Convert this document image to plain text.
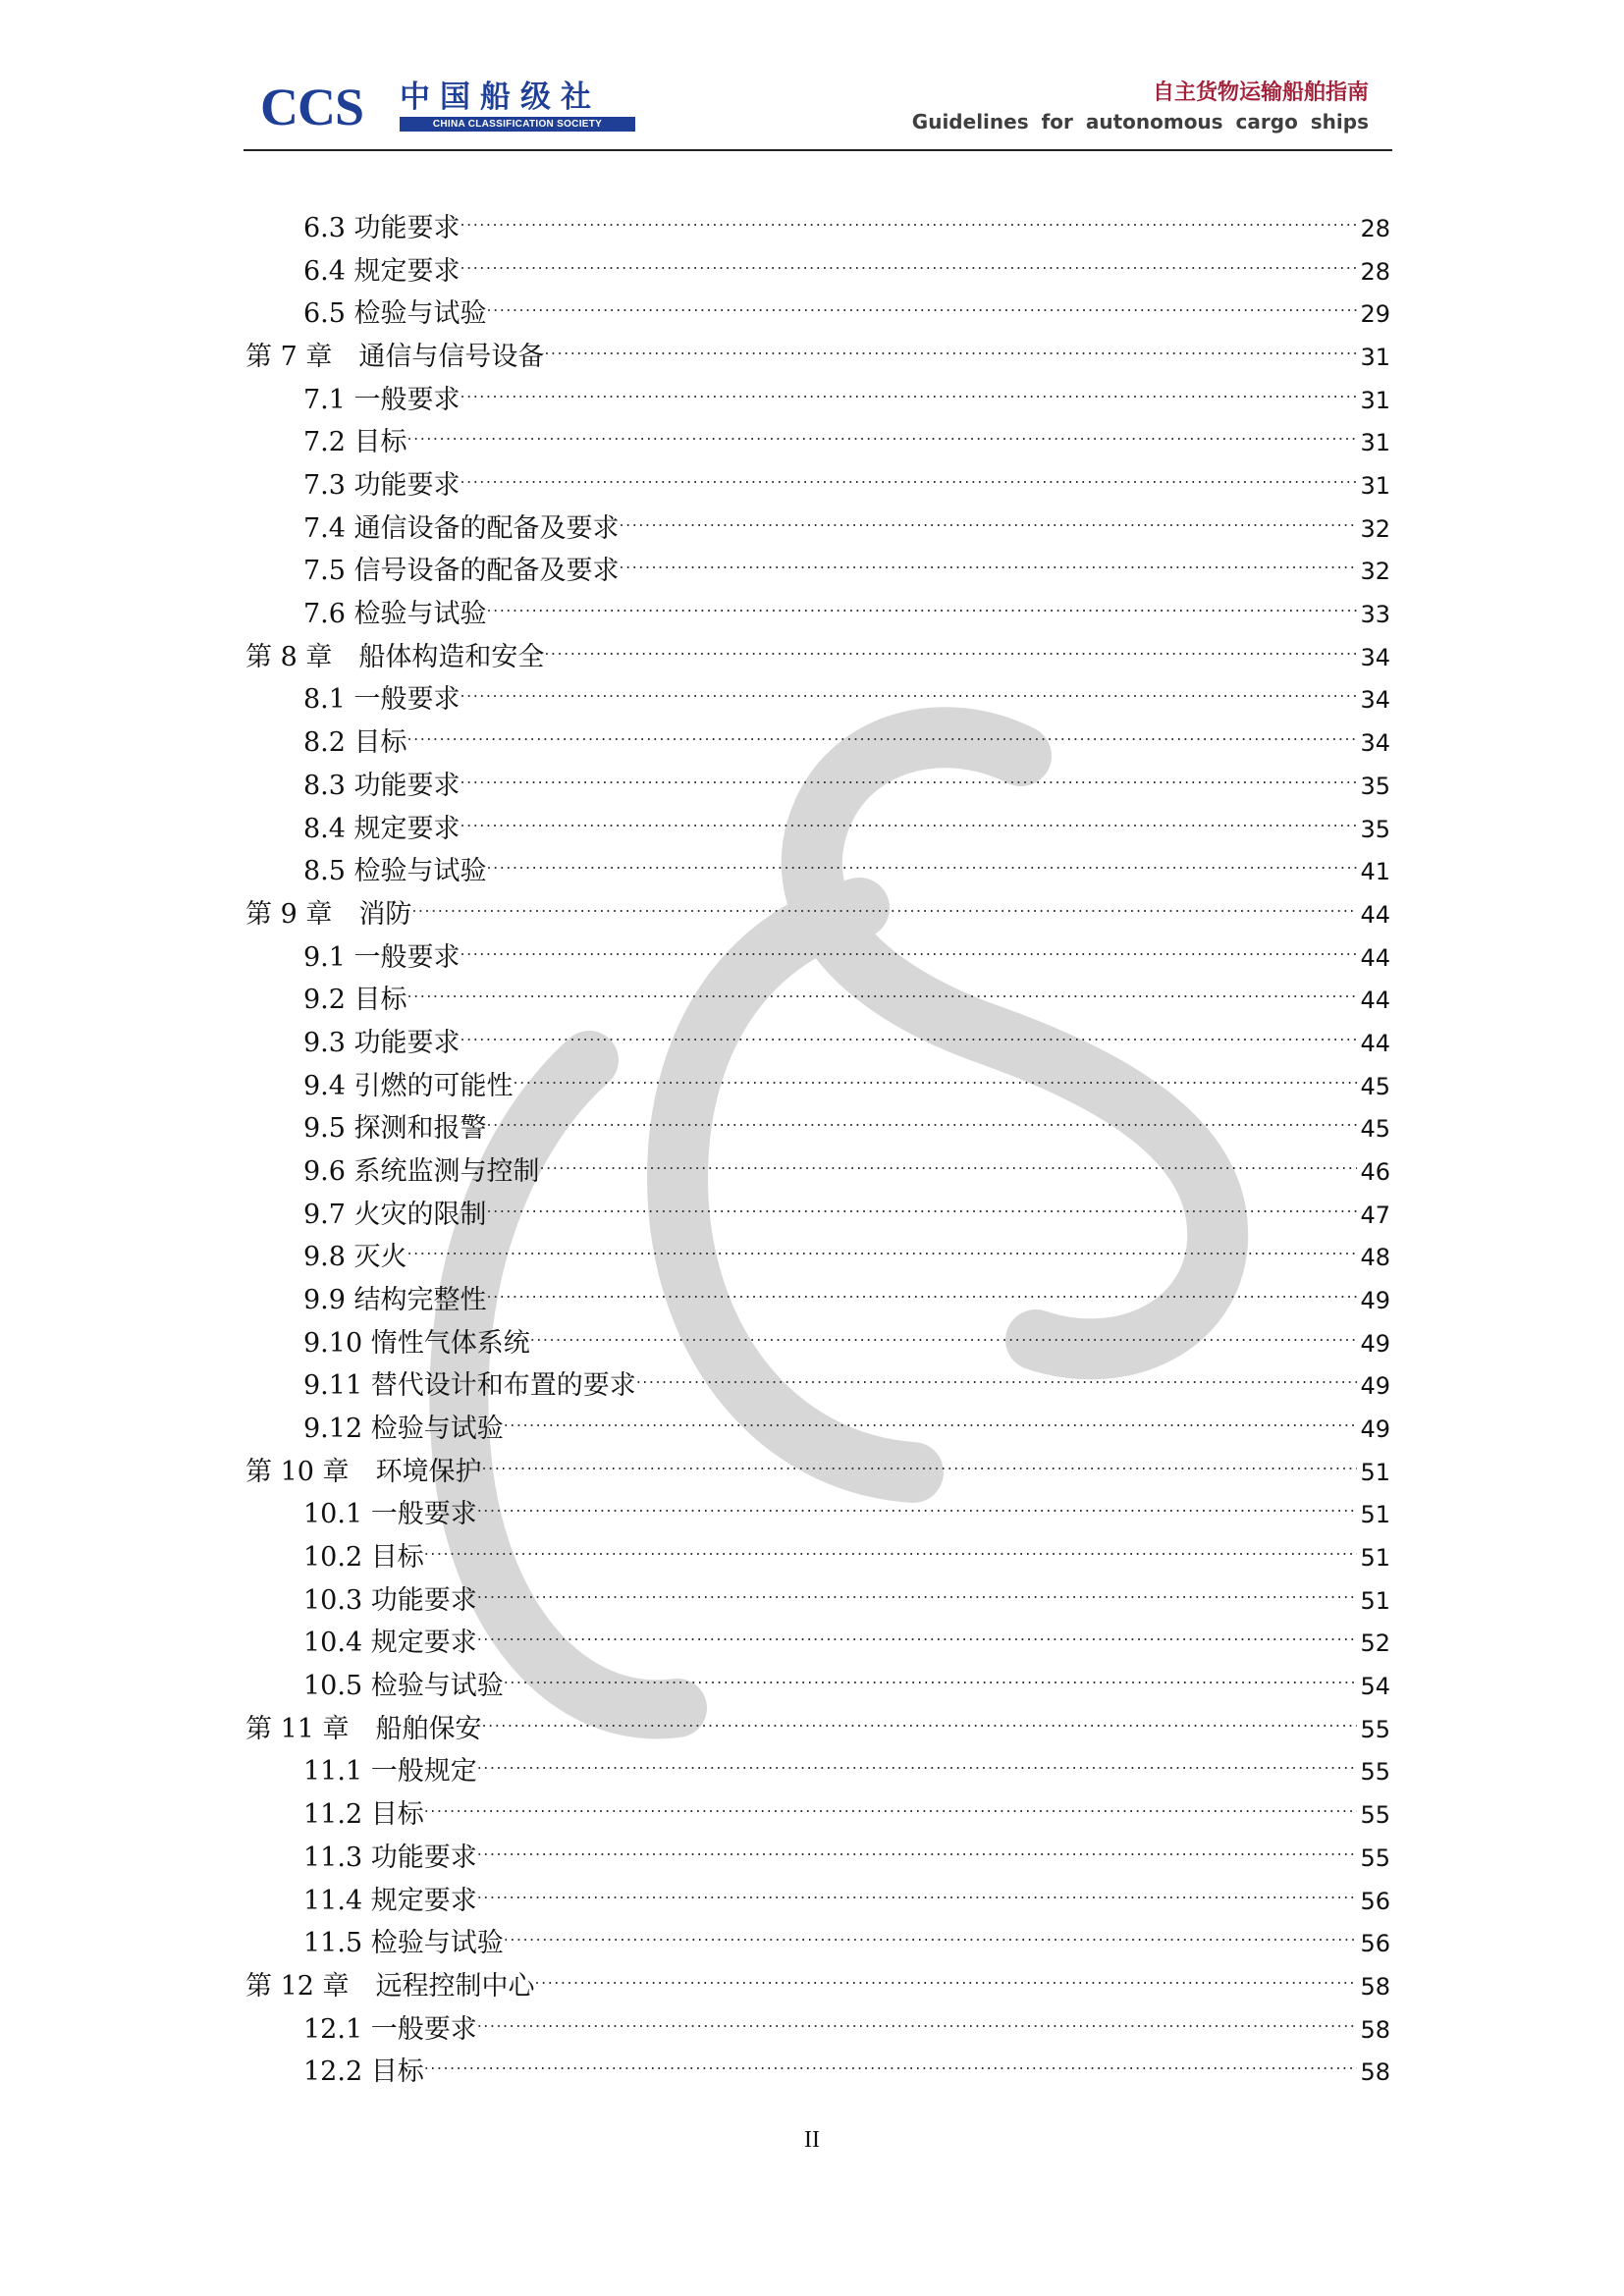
CCS 中国船级社
CHINA CLASSIFICATION SOCIETY
自主货物运输船舶指南
Guidelines for autonomous cargo ships
6.3 功能要求 .....	28
6.4 规定要求 .....	28
6.5 检验与试验 .....	29
第 7 章　通信与信号设备 .....	31
7.1 一般要求 .....	31
7.2 目标 .....	31
7.3 功能要求 .....	31
7.4 通信设备的配备及要求 .....	32
7.5 信号设备的配备及要求 .....	32
7.6 检验与试验 .....	33
第 8 章　船体构造和安全 .....	34
8.1 一般要求 .....	34
8.2 目标 .....	34
8.3 功能要求 .....	35
8.4 规定要求 .....	35
8.5 检验与试验 .....	41
第 9 章　消防 .....	44
9.1 一般要求 .....	44
9.2 目标 .....	44
9.3 功能要求 .....	44
9.4 引燃的可能性 .....	45
9.5 探测和报警 .....	45
9.6 系统监测与控制 .....	46
9.7 火灾的限制 .....	47
9.8 灭火 .....	48
9.9 结构完整性 .....	49
9.10 惰性气体系统 .....	49
9.11 替代设计和布置的要求 .....	49
9.12 检验与试验 .....	49
第 10 章　环境保护 .....	51
10.1 一般要求 .....	51
10.2 目标 .....	51
10.3 功能要求 .....	51
10.4 规定要求 .....	52
10.5 检验与试验 .....	54
第 11 章　船舶保安 .....	55
11.1 一般规定 .....	55
11.2 目标 .....	55
11.3 功能要求 .....	55
11.4 规定要求 .....	56
11.5 检验与试验 .....	56
第 12 章　远程控制中心 .....	58
12.1 一般要求 .....	58
12.2 目标 .....	58
II
